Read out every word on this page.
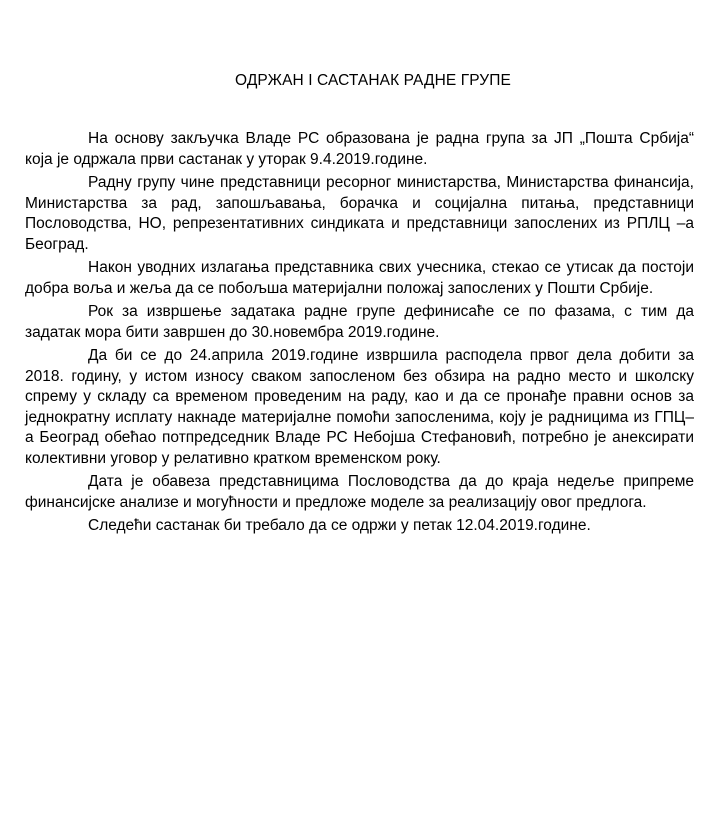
ОДРЖАН I САСТАНАК РАДНЕ ГРУПЕ

На основу закључка Владе РС образована је радна група за ЈП „Пошта Србија“ која је одржала први састанак у уторак 9.4.2019.године.

Радну групу чине представници ресорног министарства, Министарства финансија, Министарства за рад, запошљавања, борачка и социјална питања, представници Пословодства, НО, репрезентативних синдиката и представници запослених из РПЛЦ –а Београд.

Након уводних излагања представника свих учесника, стекао се утисак да постоји добра воља и жеља да се побољша материјални положај запослених у Пошти Србије.

Рок за извршење задатака радне групе дефинисаће се по фазама, с тим да задатак мора бити завршен до 30.новембра 2019.године.

Да би се до 24.априла 2019.године извршила расподела првог дела добити за 2018. годину, у истом износу сваком запосленом без обзира на радно место и школску спрему у складу са временом проведеним на раду, као и да се пронађе правни основ за једнократну исплату накнаде материјалне помоћи запосленима, коју је радницима из ГПЦ–а Београд обећао потпредседник Владе РС Небојша Стефановић, потребно је анексирати колективни уговор у релативно кратком временском року.

Дата је обавеза представницима Пословодства да до краја недеље припреме финансијске анализе и могућности и предложе моделе за реализацију овог предлога.

Следећи састанак би требало да се одржи у петак 12.04.2019.године.
